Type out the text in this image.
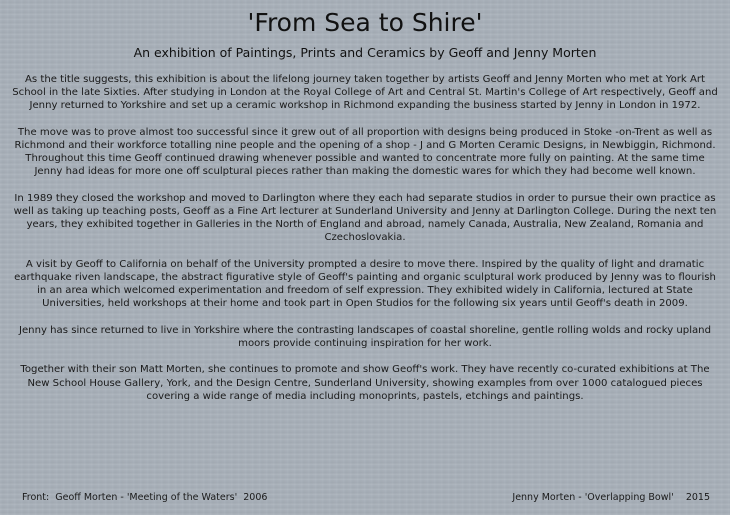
'From Sea to Shire'
An exhibition of Paintings, Prints and Ceramics by Geoff and Jenny Morten

As the title suggests, this exhibition is about the lifelong journey taken together by artists Geoff and Jenny Morten who met at York Art School in the late Sixties. After studying in London at the Royal College of Art and Central St. Martin's College of Art respectively, Geoff and Jenny returned to Yorkshire and set up a ceramic workshop in Richmond expanding the business started by Jenny in London in 1972.

The move was to prove almost too successful since it grew out of all proportion with designs being produced in Stoke -on-Trent as well as Richmond and their workforce totalling nine people and the opening of a shop - J and G Morten Ceramic Designs, in Newbiggin, Richmond. Throughout this time Geoff continued drawing whenever possible and wanted to concentrate more fully on painting. At the same time Jenny had ideas for more one off sculptural pieces rather than making the domestic wares for which they had become well known.

In 1989 they closed the workshop and moved to Darlington where they each had separate studios in order to pursue their own practice as well as taking up teaching posts, Geoff as a Fine Art lecturer at Sunderland University and Jenny at Darlington College. During the next ten years, they exhibited together in Galleries in the North of England and abroad, namely Canada, Australia, New Zealand, Romania and Czechoslovakia.

A visit by Geoff to California on behalf of the University prompted a desire to move there. Inspired by the quality of light and dramatic earthquake riven landscape, the abstract figurative style of Geoff's painting and organic sculptural work produced by Jenny was to flourish in an area which welcomed experimentation and freedom of self expression. They exhibited widely in California, lectured at State Universities, held workshops at their home and took part in Open Studios for the following six years until Geoff's death in 2009.

Jenny has since returned to live in Yorkshire where the contrasting landscapes of coastal shoreline, gentle rolling wolds and rocky upland moors provide continuing inspiration for her work.

Together with their son Matt Morten, she continues to promote and show Geoff's work. They have recently co-curated exhibitions at The New School House Gallery, York, and the Design Centre, Sunderland University, showing examples from over 1000 catalogued pieces covering a wide range of media including monoprints, pastels, etchings and paintings.

Front:  Geoff Morten - 'Meeting of the Waters'  2006	Jenny Morten - 'Overlapping Bowl'    2015
